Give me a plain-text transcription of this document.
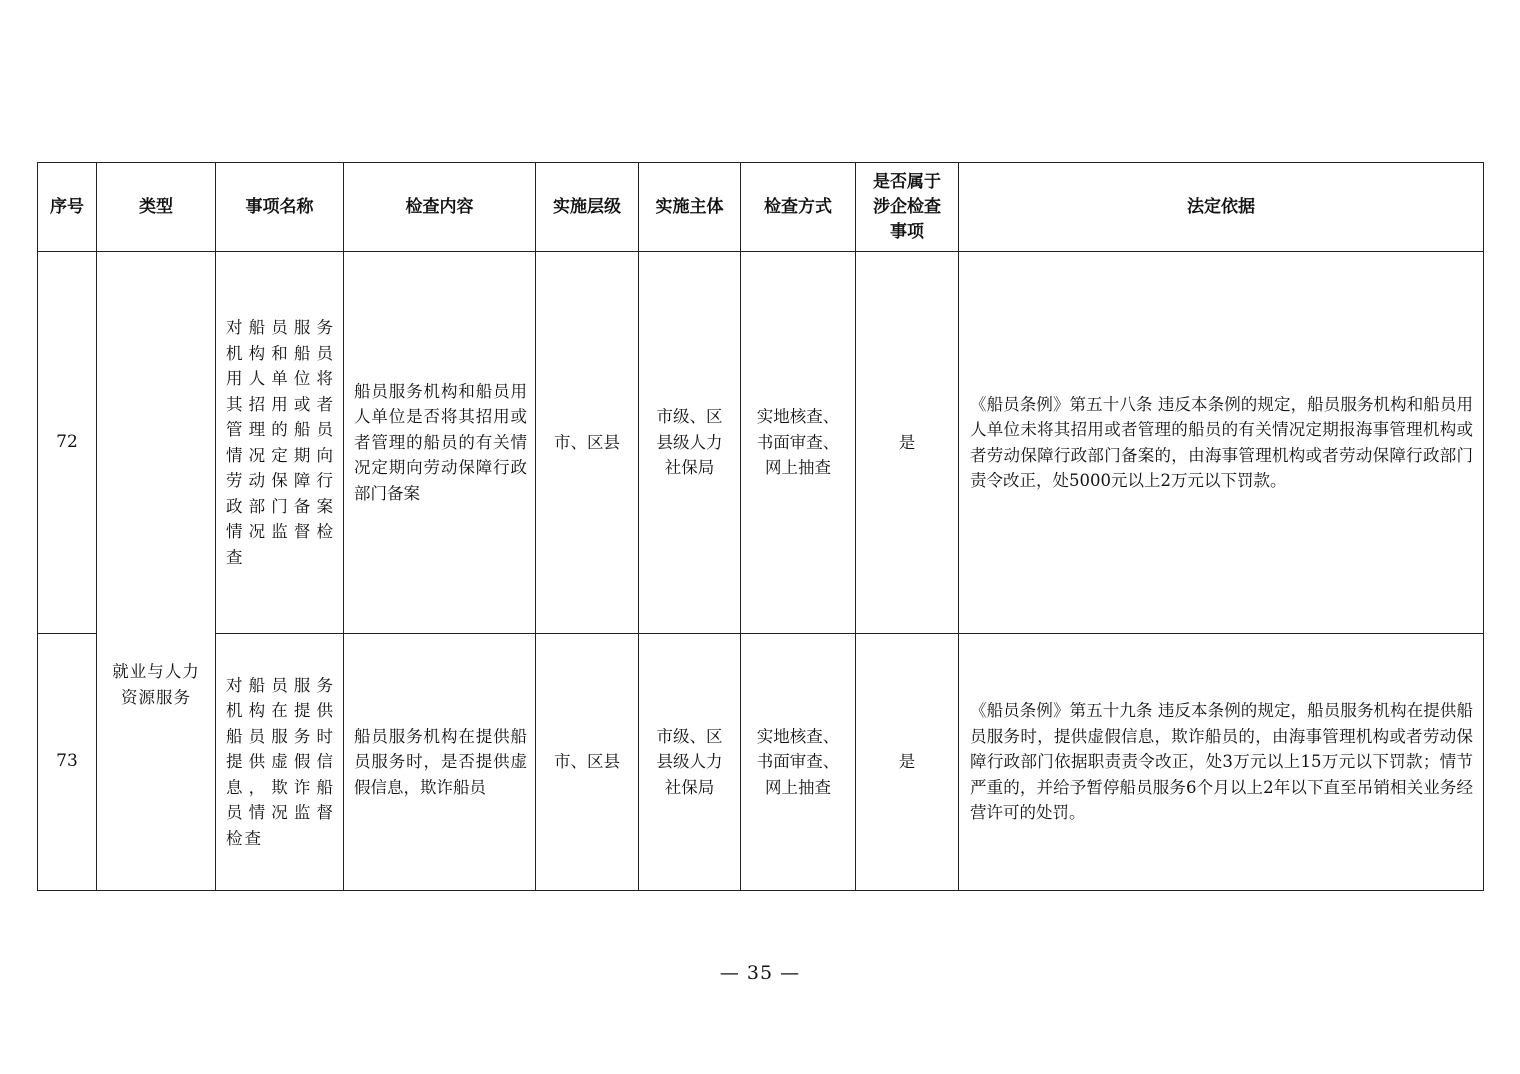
序号	类型	事项名称	检查内容	实施层级	实施主体	检查方式	是否属于涉企检查事项	法定依据
72	就业与人力资源服务	对船员服务机构和船员用人单位将其招用或者管理的船员情况定期向劳动保障行政部门备案情况监督检查	船员服务机构和船员用人单位是否将其招用或者管理的船员的有关情况定期向劳动保障行政部门备案	市、区县	市级、区县级人力社保局	实地核查、书面审查、网上抽查	是	《船员条例》第五十八条 违反本条例的规定，船员服务机构和船员用人单位未将其招用或者管理的船员的有关情况定期报海事管理机构或者劳动保障行政部门备案的，由海事管理机构或者劳动保障行政部门责令改正，处5000元以上2万元以下罚款。
73		对船员服务机构在提供船员服务时提供虚假信息，欺诈船员情况监督检查	船员服务机构在提供船员服务时，是否提供虚假信息，欺诈船员	市、区县	市级、区县级人力社保局	实地核查、书面审查、网上抽查	是	《船员条例》第五十九条 违反本条例的规定，船员服务机构在提供船员服务时，提供虚假信息，欺诈船员的，由海事管理机构或者劳动保障行政部门依据职责责令改正，处3万元以上15万元以下罚款；情节严重的，并给予暂停船员服务6个月以上2年以下直至吊销相关业务经营许可的处罚。
— 35 —
